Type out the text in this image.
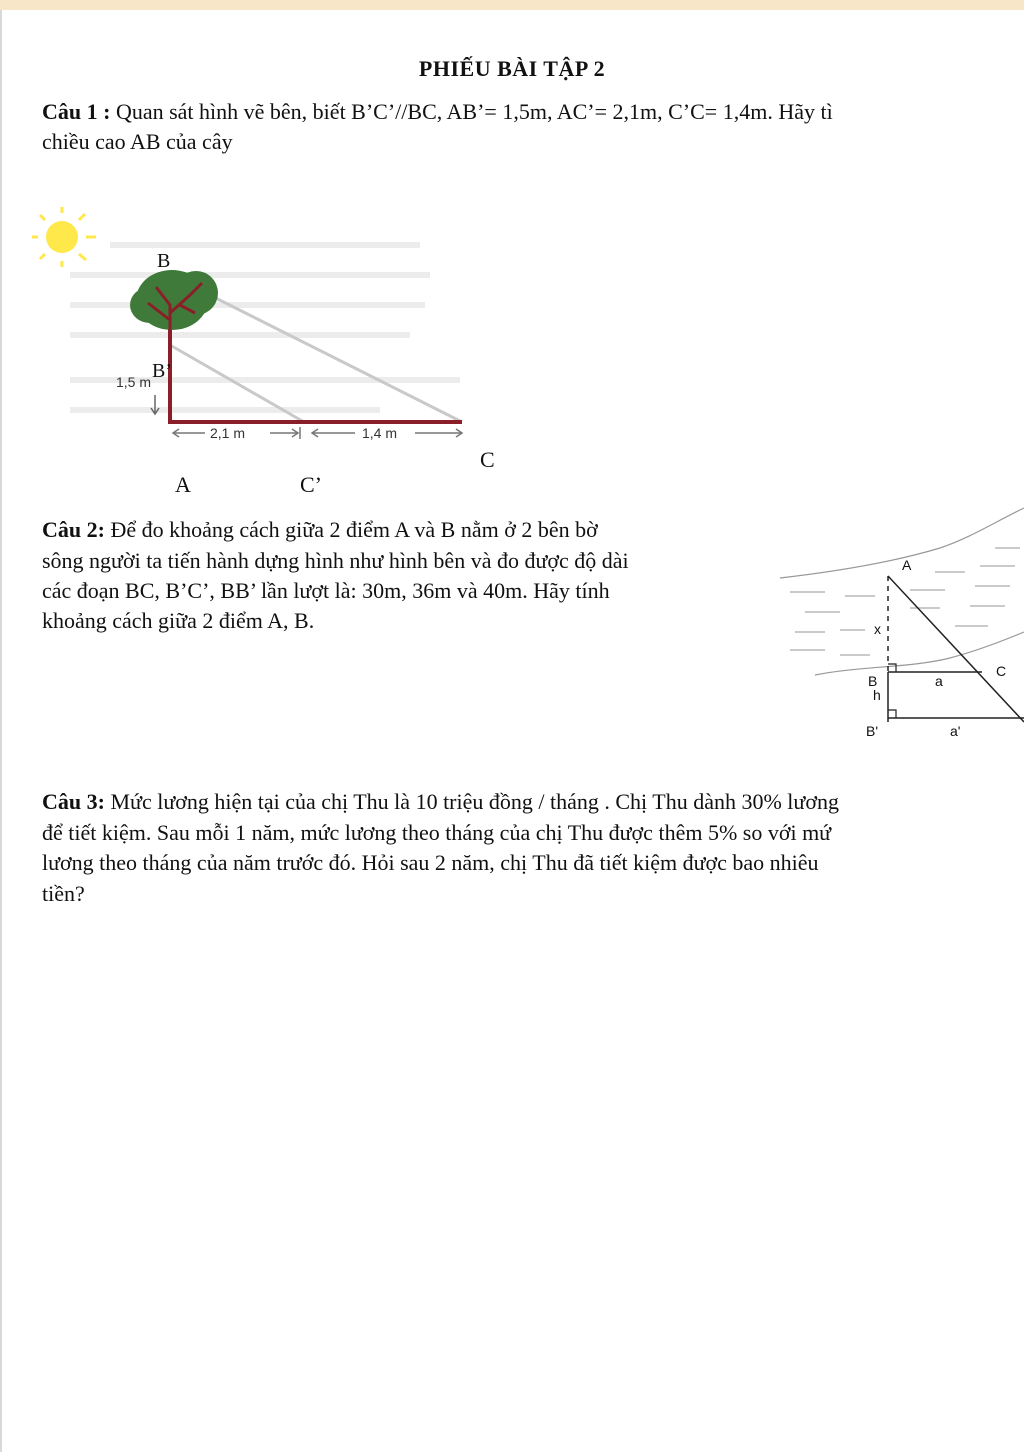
PHIẾU BÀI TẬP 2
Câu 1 : Quan sát hình vẽ bên, biết B’C’//BC, AB’= 1,5m, AC’= 2,1m, C’C= 1,4m. Hãy tì
chiều cao AB của cây
B
B’
1,5 m
2,1 m	1,4 m
C
A	C’
Câu 2: Để đo khoảng cách giữa 2 điểm A và B nằm ở 2 bên bờ
sông người ta tiến hành dựng hình như hình bên và đo được độ dài
các đoạn BC, B’C’, BB’ lần lượt là: 30m, 36m và 40m. Hãy tính
khoảng cách giữa 2 điểm A, B.
A
x
B	a
C
h
B'	a'
Câu 3: Mức lương hiện tại của chị Thu là 10 triệu đồng / tháng . Chị Thu dành 30% lương
để tiết kiệm. Sau mỗi 1 năm, mức lương theo tháng của chị Thu được thêm 5% so với mứ
lương theo tháng của năm trước đó. Hỏi sau 2 năm, chị Thu đã tiết kiệm được bao nhiêu
tiền?
